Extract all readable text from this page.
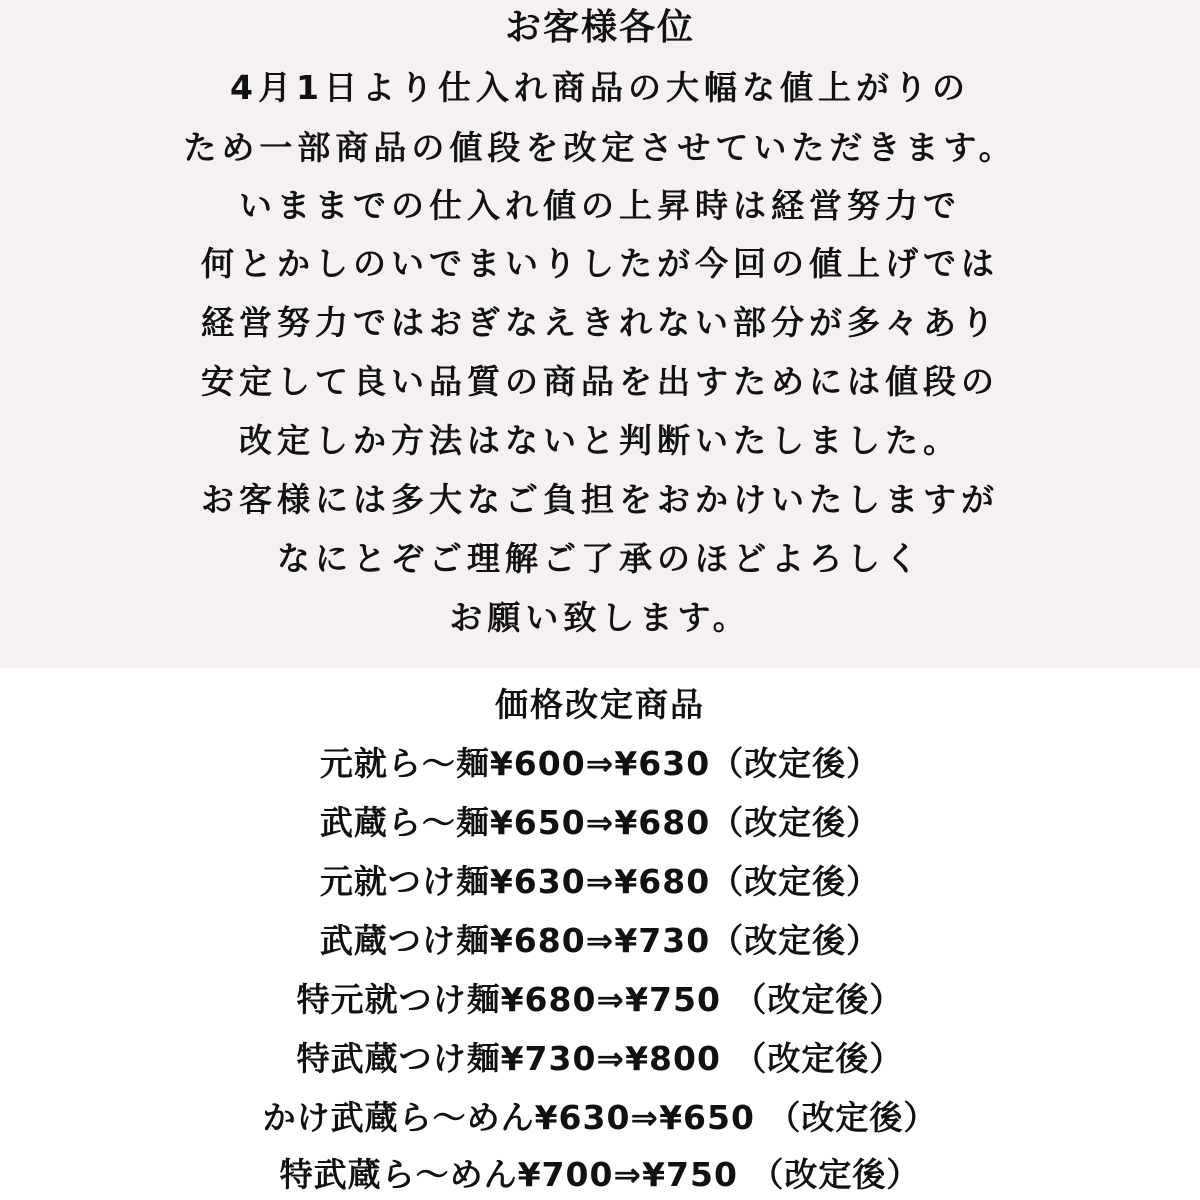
お客様各位
4月1日より仕入れ商品の大幅な値上がりの
ため一部商品の値段を改定させていただきます。
いままでの仕入れ値の上昇時は経営努力で
何とかしのいでまいりしたが今回の値上げでは
経営努力ではおぎなえきれない部分が多々あり
安定して良い品質の商品を出すためには値段の
改定しか方法はないと判断いたしました。
お客様には多大なご負担をおかけいたしますが
なにとぞご理解ご了承のほどよろしく
お願い致します。
価格改定商品
元就ら～麺¥600⇒¥630（改定後）
武蔵ら～麺¥650⇒¥680（改定後）
元就つけ麺¥630⇒¥680（改定後）
武蔵つけ麺¥680⇒¥730（改定後）
特元就つけ麺¥680⇒¥750 （改定後）
特武蔵つけ麺¥730⇒¥800 （改定後）
かけ武蔵ら～めん¥630⇒¥650 （改定後）
特武蔵ら～めん¥700⇒¥750 （改定後）
